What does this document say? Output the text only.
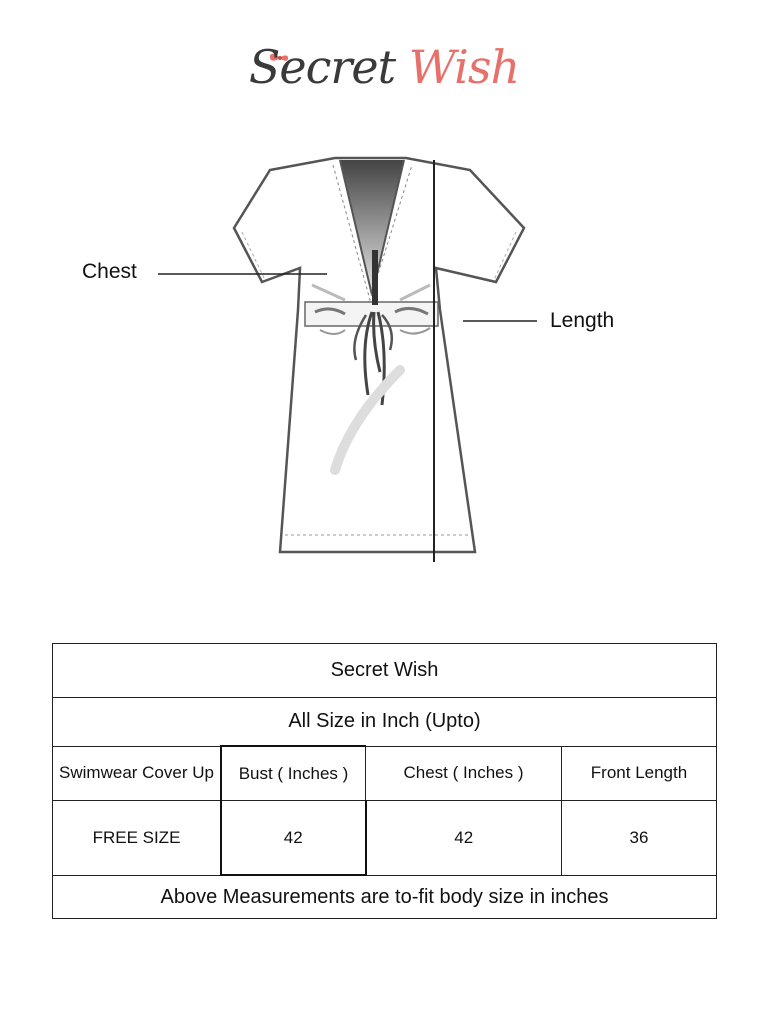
Secret Wish
Chest
Length
Secret Wish			
All Size in Inch (Upto)			
Swimwear Cover Up	Bust ( Inches )	Chest ( Inches )	Front Length
FREE SIZE	42	42	36
Above Measurements are to-fit body size in inches			
